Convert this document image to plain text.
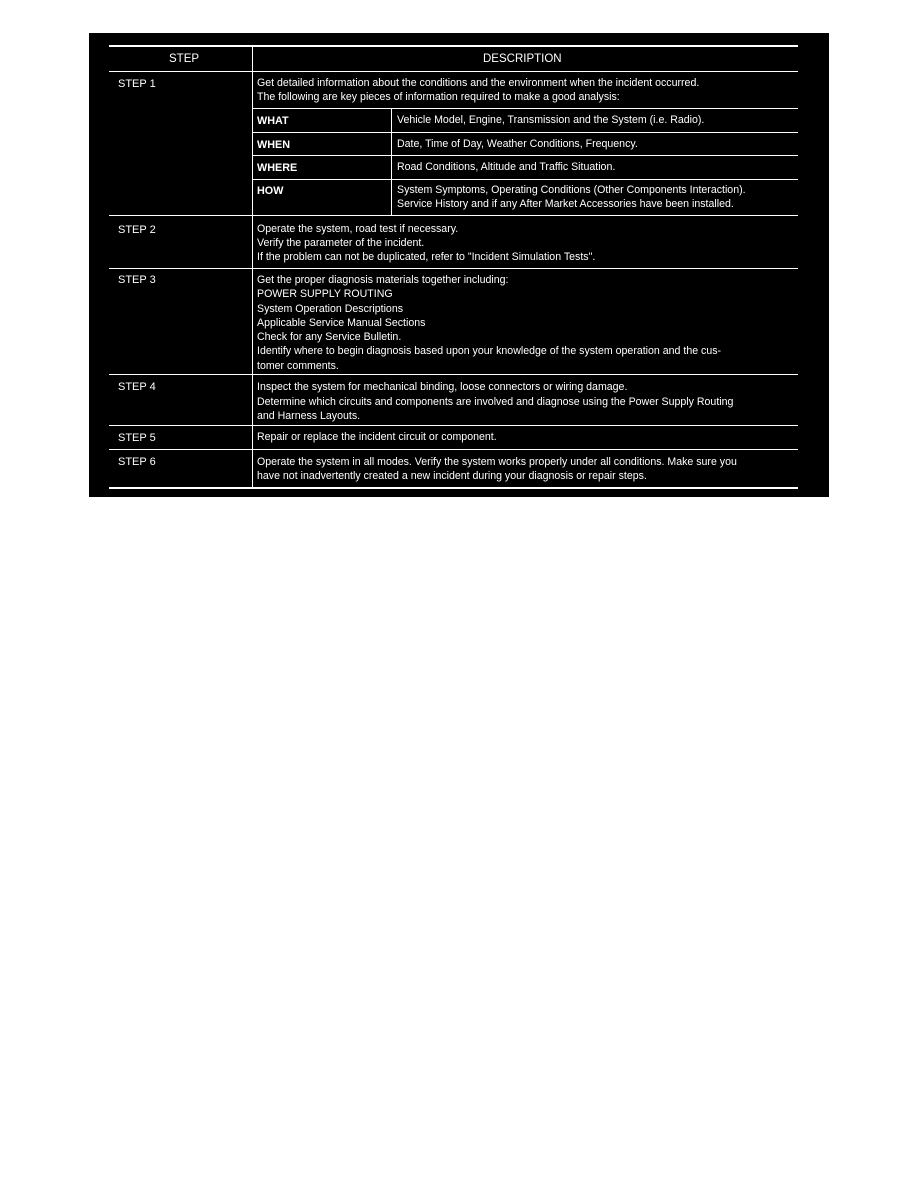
STEP	DESCRIPTION
STEP 1	Get detailed information about the conditions and the environment when the incident occurred.
The following are key pieces of information required to make a good analysis:
WHAT	Vehicle Model, Engine, Transmission and the System (i.e. Radio).
WHEN	Date, Time of Day, Weather Conditions, Frequency.
WHERE	Road Conditions, Altitude and Traffic Situation.
HOW	System Symptoms, Operating Conditions (Other Components Interaction).
Service History and if any After Market Accessories have been installed.
STEP 2	Operate the system, road test if necessary.
Verify the parameter of the incident.
If the problem can not be duplicated, refer to "Incident Simulation Tests".
STEP 3	Get the proper diagnosis materials together including:
POWER SUPPLY ROUTING
System Operation Descriptions
Applicable Service Manual Sections
Check for any Service Bulletin.
Identify where to begin diagnosis based upon your knowledge of the system operation and the cus-
tomer comments.
STEP 4	Inspect the system for mechanical binding, loose connectors or wiring damage.
Determine which circuits and components are involved and diagnose using the Power Supply Routing
and Harness Layouts.
STEP 5	Repair or replace the incident circuit or component.
STEP 6	Operate the system in all modes. Verify the system works properly under all conditions. Make sure you
have not inadvertently created a new incident during your diagnosis or repair steps.
